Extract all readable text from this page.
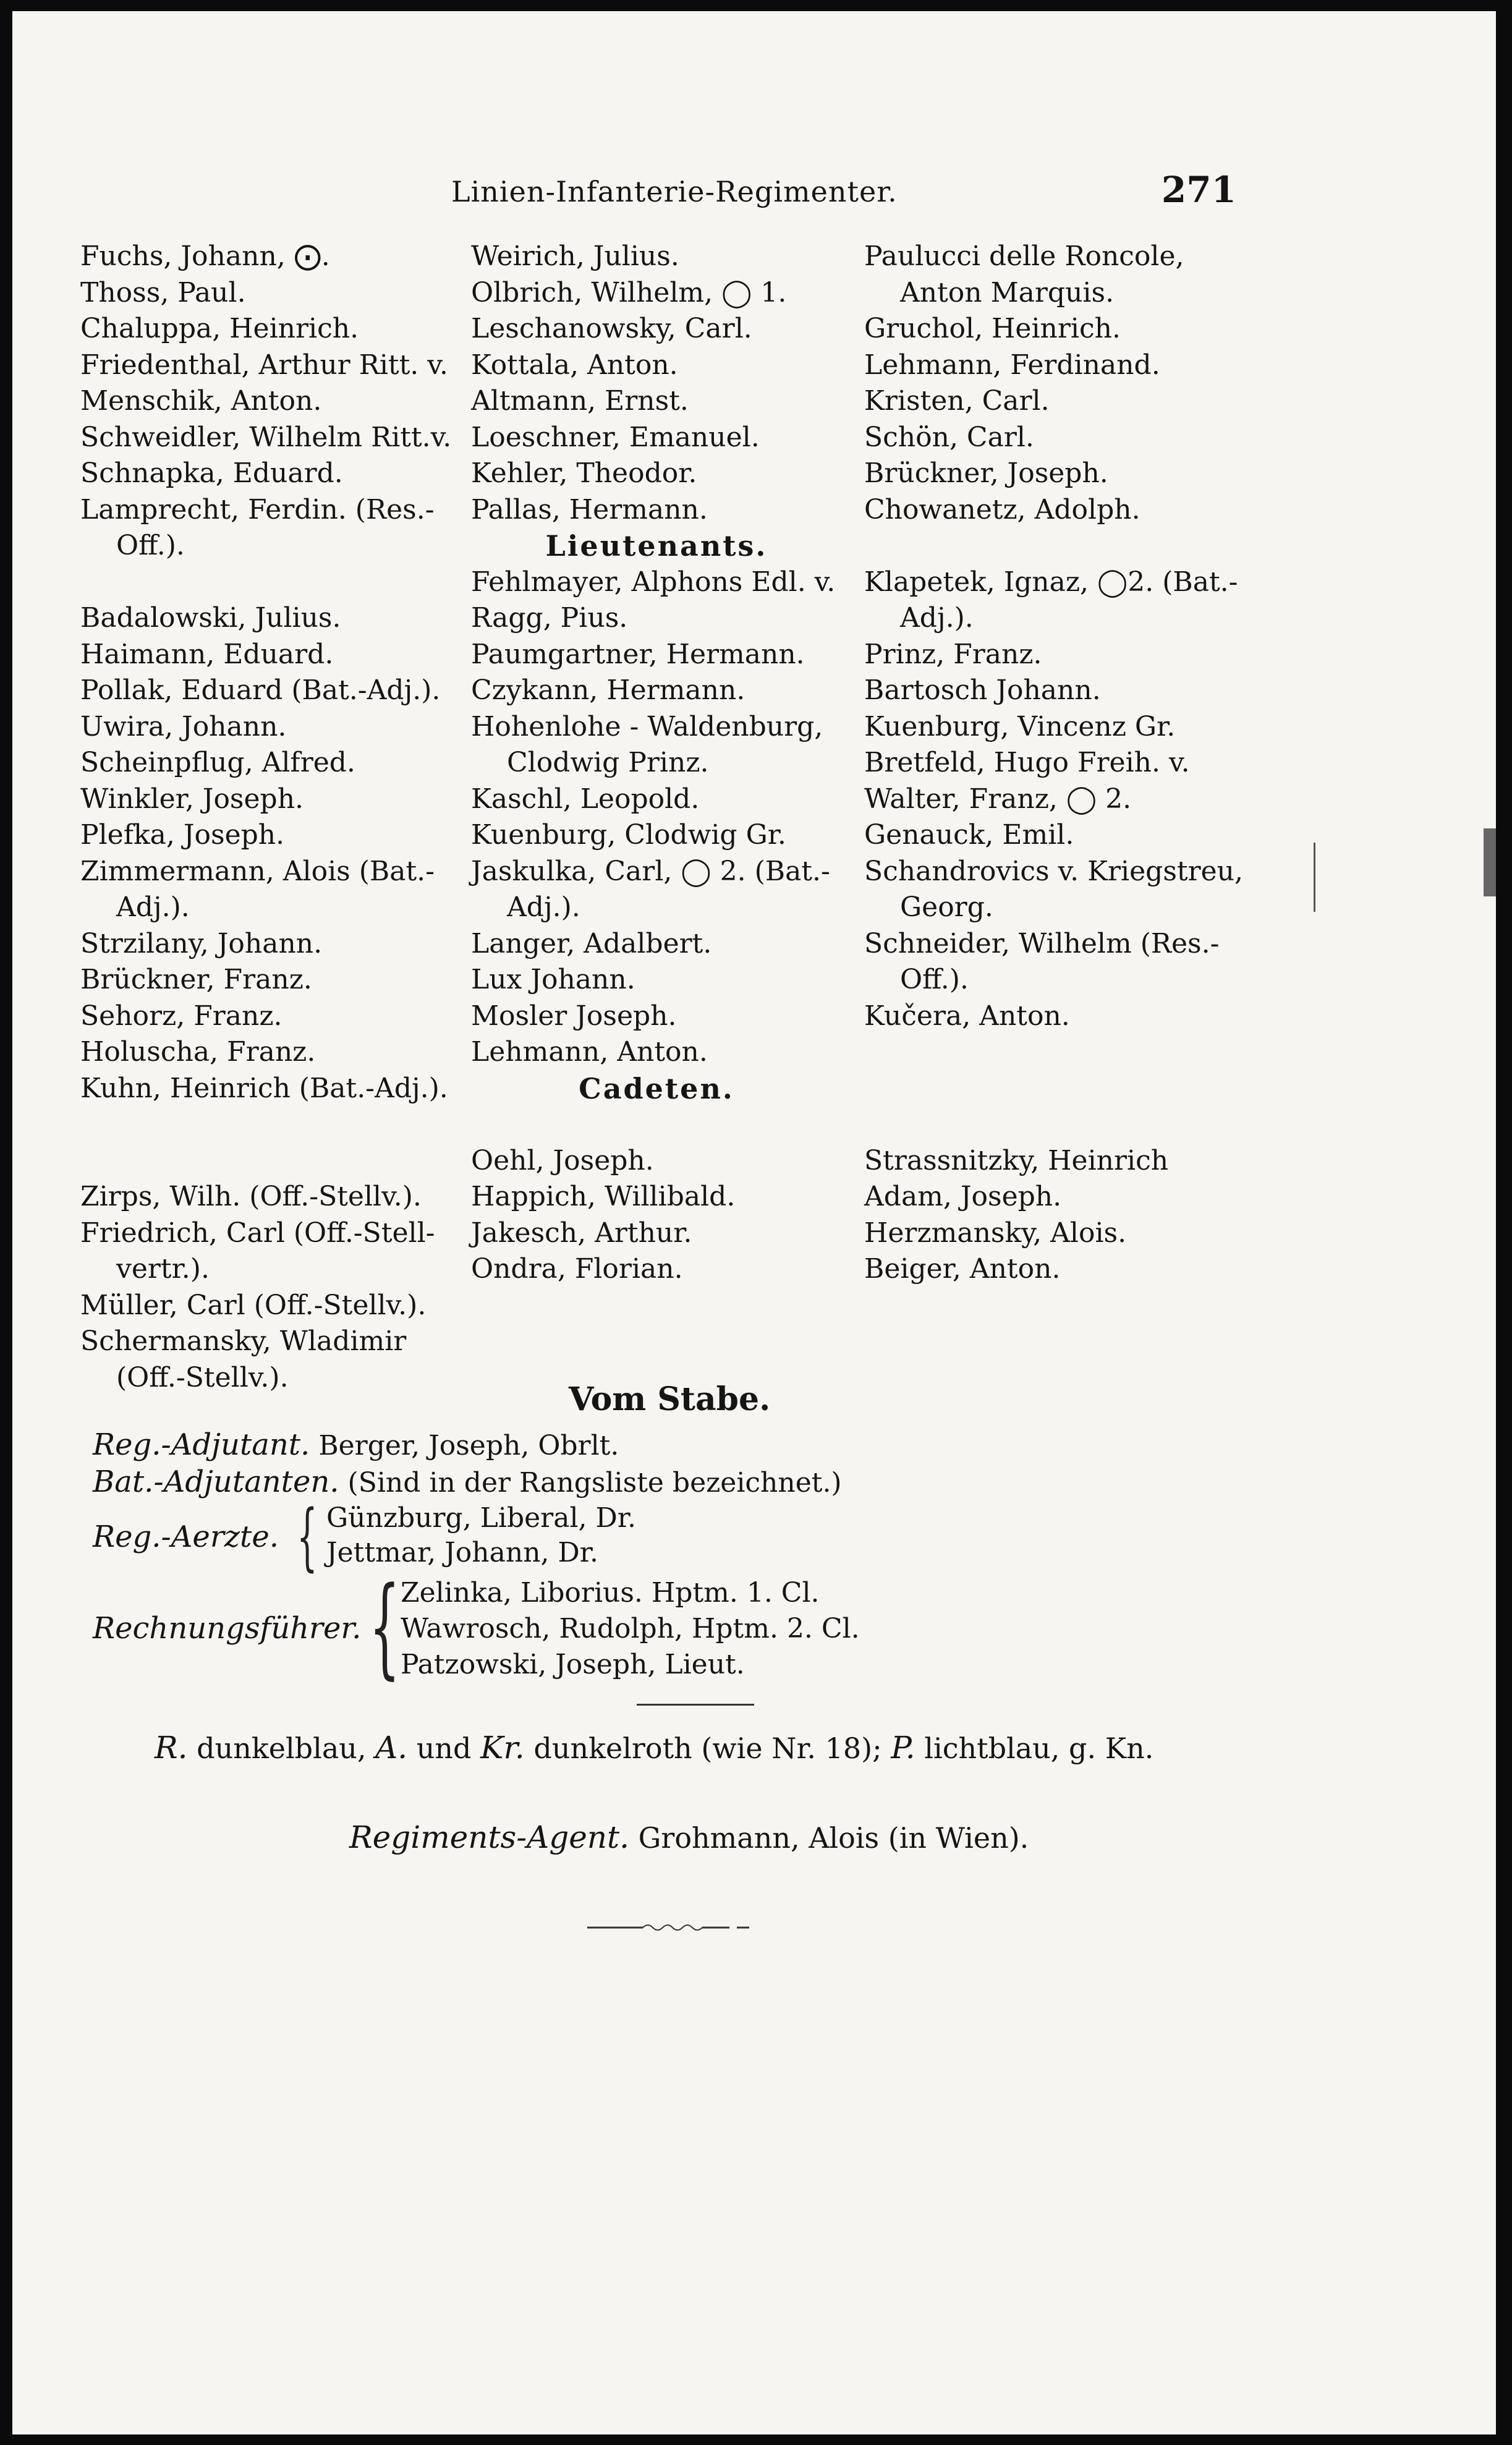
Linien-Infanterie-Regimenter.	271
Fuchs, Johann, ⨀.
Thoss, Paul.
Chaluppa, Heinrich.
Friedenthal, Arthur Ritt. v.
Menschik, Anton.
Schweidler, Wilhelm Ritt.v.
Schnapka, Eduard.
Lamprecht, Ferdin. (Res.-
Off.).
Badalowski, Julius.
Haimann, Eduard.
Pollak, Eduard (Bat.-Adj.).
Uwira, Johann.
Scheinpflug, Alfred.
Winkler, Joseph.
Plefka, Joseph.
Zimmermann, Alois (Bat.-
Adj.).
Strzilany, Johann.
Brückner, Franz.
Sehorz, Franz.
Holuscha, Franz.
Kuhn, Heinrich (Bat.-Adj.).
Zirps, Wilh. (Off.-Stellv.).
Friedrich, Carl (Off.-Stell-
vertr.).
Müller, Carl (Off.-Stellv.).
Schermansky, Wladimir
(Off.-Stellv.).
Weirich, Julius.
Olbrich, Wilhelm, ◯ 1.
Leschanowsky, Carl.
Kottala, Anton.
Altmann, Ernst.
Loeschner, Emanuel.
Kehler, Theodor.
Pallas, Hermann.
Lieutenants.
Fehlmayer, Alphons Edl. v.
Ragg, Pius.
Paumgartner, Hermann.
Czykann, Hermann.
Hohenlohe - Waldenburg,
Clodwig Prinz.
Kaschl, Leopold.
Kuenburg, Clodwig Gr.
Jaskulka, Carl, ◯ 2. (Bat.-
Adj.).
Langer, Adalbert.
Lux Johann.
Mosler Joseph.
Lehmann, Anton.
Cadeten.
Oehl, Joseph.
Happich, Willibald.
Jakesch, Arthur.
Ondra, Florian.
Paulucci delle Roncole,
Anton Marquis.
Gruchol, Heinrich.
Lehmann, Ferdinand.
Kristen, Carl.
Schön, Carl.
Brückner, Joseph.
Chowanetz, Adolph.
Klapetek, Ignaz, ◯2. (Bat.-
Adj.).
Prinz, Franz.
Bartosch Johann.
Kuenburg, Vincenz Gr.
Bretfeld, Hugo Freih. v.
Walter, Franz, ◯ 2.
Genauck, Emil.
Schandrovics v. Kriegstreu,
Georg.
Schneider, Wilhelm (Res.-
Off.).
Kučera, Anton.
Strassnitzky, Heinrich
Adam, Joseph.
Herzmansky, Alois.
Beiger, Anton.
Vom Stabe.
Reg.-Adjutant. Berger, Joseph, Obrlt.
Bat.-Adjutanten. (Sind in der Rangsliste bezeichnet.)
Reg.-Aerzte. { Günzburg, Liberal, Dr.
Jettmar, Johann, Dr.
Rechnungsführer. { Zelinka, Liborius. Hptm. 1. Cl.
Wawrosch, Rudolph, Hptm. 2. Cl.
Patzowski, Joseph, Lieut.
R. dunkelblau, A. und Kr. dunkelroth (wie Nr. 18); P. lichtblau, g. Kn.
Regiments-Agent. Grohmann, Alois (in Wien).
